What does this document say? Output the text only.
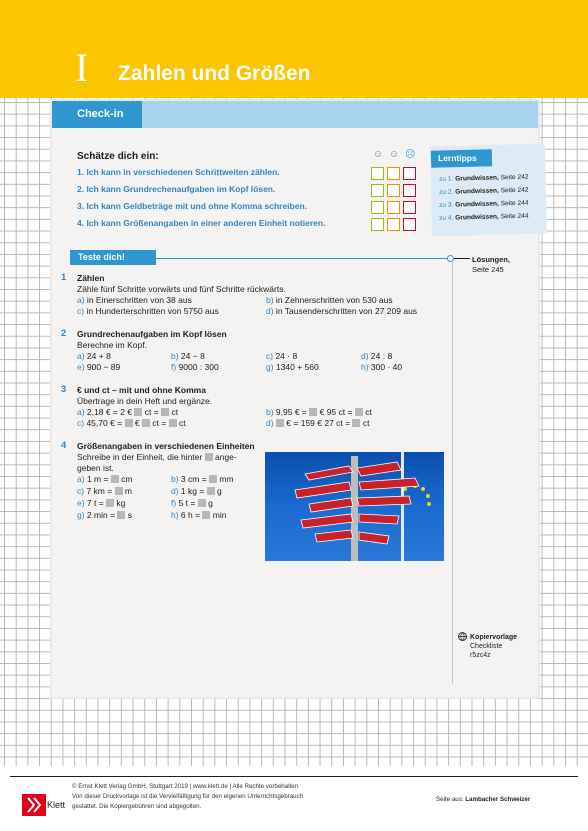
I Zahlen und Größen
Check-in
Schätze dich ein:
1. Ich kann in verschiedenen Schrittweiten zählen.
2. Ich kann Grundrechenaufgaben im Kopf lösen.
3. Ich kann Geldbeträge mit und ohne Komma schreiben.
4. Ich kann Größenangaben in einer anderen Einheit notieren.
☺ ☺ ☹	Lerntipps
zu 1. Grundwissen, Seite 242
zu 2. Grundwissen, Seite 242
zu 3. Grundwissen, Seite 244
zu 4. Grundwissen, Seite 244
Teste dich!	Lösungen,
Seite 245
1 Zählen
Zähle fünf Schritte vorwärts und fünf Schritte rückwärts.
a) in Einerschritten von 38 aus	b) in Zehnerschritten von 530 aus
c) in Hunderterschritten von 5750 aus	d) in Tausenderschritten von 27 209 aus
2 Grundrechenaufgaben im Kopf lösen
Berechne im Kopf.
a) 24 + 8	b) 24 − 8	c) 24 · 8	d) 24 : 8
e) 900 − 89	f) 9000 : 300	g) 1340 + 560	h) 300 · 40
3 € und ct – mit und ohne Komma
Übertrage in dein Heft und ergänze.
a) 2,18 € = 2 €  ct =  ct	b) 9,95 € =  € 95 ct =  ct
c) 45,70 € =  €  ct =  ct	d)  € = 159 € 27 ct =  ct
4 Größenangaben in verschiedenen Einheiten
Schreibe in der Einheit, die hinter  ange-
geben ist.
a) 1 m =  cm	b) 3 cm =  mm
c) 7 km =  m	d) 1 kg =  g
e) 7 t =  kg	f) 5 t =  g
g) 2 min =  s	h) 6 h =  min
Kopiervorlage
Checkliste
r5zc4z
Klett
© Ernst Klett Verlag GmbH, Stuttgart 2019 | www.klett.de | Alle Rechte vorbehalten
Von dieser Druckvorlage ist die Vervielfältigung für den eigenen Unterrichtsgebrauch
gestattet. Die Kopiergebühren sind abgegolten.
Seite aus: Lambacher Schweizer
